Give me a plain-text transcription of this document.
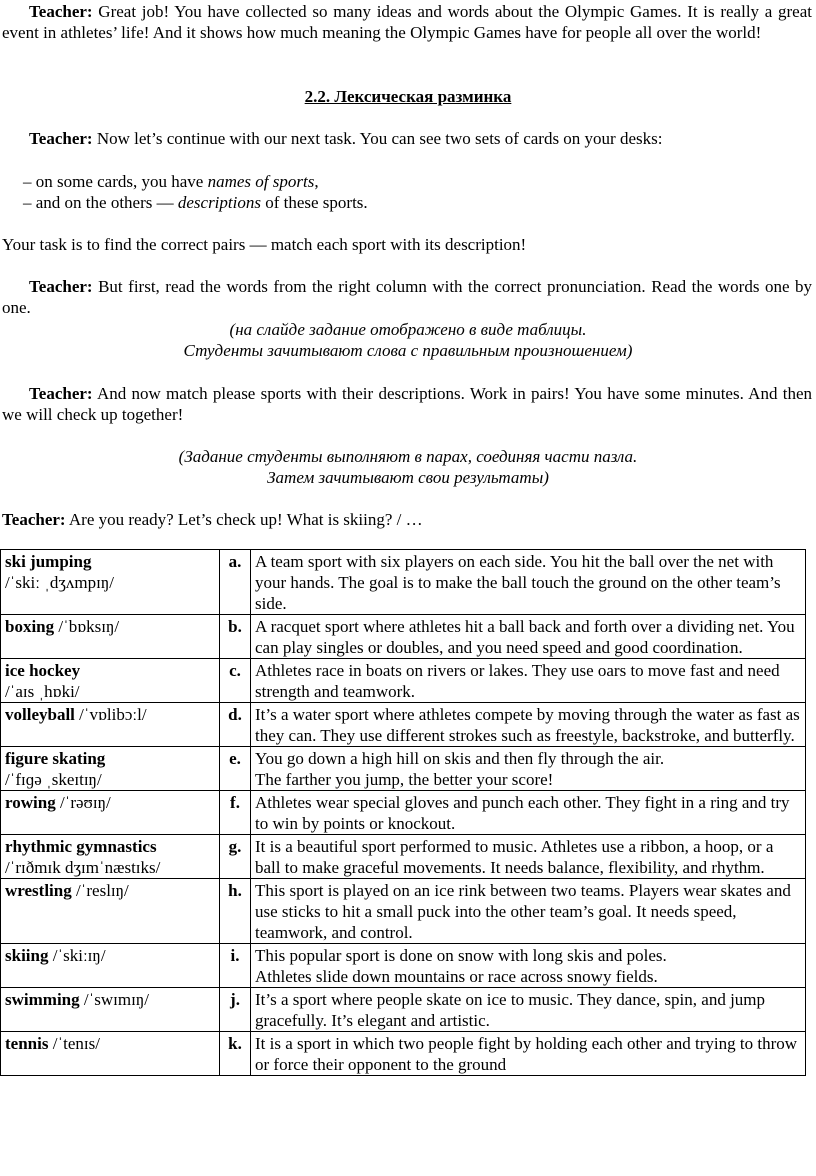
Teacher: Great job! You have collected so many ideas and words about the Olympic Games. It is really a great event in athletes’ life! And it shows how much meaning the Olympic Games have for people all over the world!

2.2. Лексическая разминка

Teacher: Now let’s continue with our next task. You can see two sets of cards on your desks:

– on some cards, you have names of sports,

– and on the others — descriptions of these sports.

Your task is to find the correct pairs — match each sport with its description!

Teacher: But first, read the words from the right column with the correct pronunciation. Read the words one by one.

(на слайде задание отображено в виде таблицы.

Студенты зачитывают слова с правильным произношением)

Teacher: And now match please sports with their descriptions. Work in pairs! You have some minutes. And then we will check up together!

(Задание студенты выполняют в парах, соединяя части пазла.

Затем зачитывают свои результаты)

Teacher: Are you ready? Let’s check up! What is skiing? / …

ski jumping
/ˈskiː ˌdʒʌmpɪŋ/	a.	A team sport with six players on each side. You hit the ball over the net with your hands. The goal is to make the ball touch the ground on the other team’s side.
boxing /ˈbɒksɪŋ/	b.	A racquet sport where athletes hit a ball back and forth over a dividing net. You can play singles or doubles, and you need speed and good coordination.
ice hockey
/ˈaɪs ˌhɒki/	c.	Athletes race in boats on rivers or lakes. They use oars to move fast and need strength and teamwork.
volleyball /ˈvɒlibɔːl/	d.	It’s a water sport where athletes compete by moving through the water as fast as they can. They use different strokes such as freestyle, backstroke, and butterfly.
figure skating
/ˈfɪɡə ˌskeɪtɪŋ/	e.	You go down a high hill on skis and then fly through the air.
The farther you jump, the better your score!
rowing /ˈrəʊɪŋ/	f.	Athletes wear special gloves and punch each other. They fight in a ring and try to win by points or knockout.
rhythmic gymnastics
/ˈrɪðmɪk dʒɪmˈnæstɪks/	g.	It is a beautiful sport performed to music. Athletes use a ribbon, a hoop, or a ball to make graceful movements. It needs balance, flexibility, and rhythm.
wrestling /ˈreslɪŋ/	h.	This sport is played on an ice rink between two teams. Players wear skates and use sticks to hit a small puck into the other team’s goal. It needs speed, teamwork, and control.
skiing /ˈskiːɪŋ/	i.	This popular sport is done on snow with long skis and poles.
Athletes slide down mountains or race across snowy fields.
swimming /ˈswɪmɪŋ/	j.	It’s a sport where people skate on ice to music. They dance, spin, and jump gracefully. It’s elegant and artistic.
tennis /ˈtenɪs/	k.	It is a sport in which two people fight by holding each other and trying to throw or force their opponent to the ground
